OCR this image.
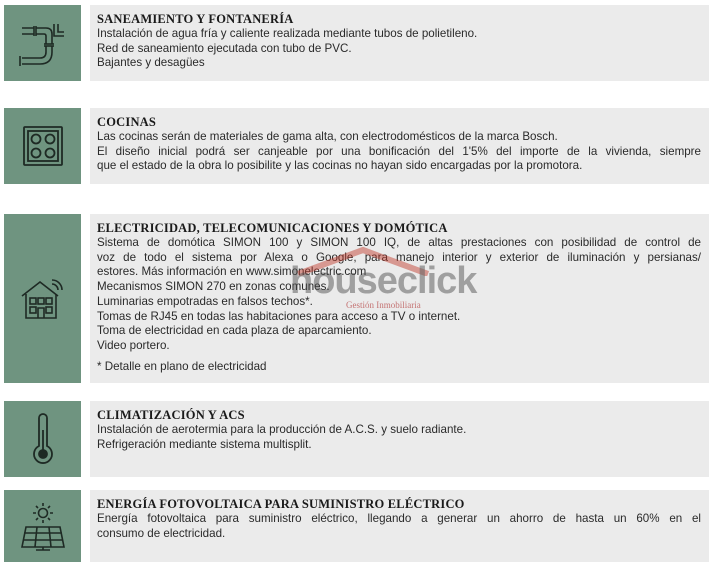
SANEAMIENTO Y FONTANERÍA
Instalación de agua fría y caliente realizada mediante tubos de polietileno.
Red de saneamiento ejecutada con tubo de PVC.
Bajantes y desagües
COCINAS
Las cocinas serán de materiales de gama alta, con electrodomésticos de la marca Bosch.
El diseño inicial podrá ser canjeable por una bonificación del 1'5% del importe de la vivienda, siempre
que el estado de la obra lo posibilite y las cocinas no hayan sido encargadas por la promotora.
ELECTRICIDAD, TELECOMUNICACIONES Y DOMÓTICA
Sistema de domótica SIMON 100 y SIMON 100 IQ, de altas prestaciones con posibilidad de control de
voz de todo el sistema por Alexa o Google, para manejo interior y exterior de iluminación y persianas/
estores. Más información en www.simonelectric.com
Mecanismos SIMON 270 en zonas comunes.
Luminarias empotradas en falsos techos*.
Tomas de RJ45 en todas las habitaciones para acceso a TV o internet.
Toma de electricidad en cada plaza de aparcamiento.
Video portero.
* Detalle en plano de electricidad
CLIMATIZACIÓN Y ACS
Instalación de aerotermia para la producción de A.C.S. y suelo radiante.
Refrigeración mediante sistema multisplit.
ENERGÍA FOTOVOLTAICA PARA SUMINISTRO ELÉCTRICO
Energía fotovoltaica para suministro eléctrico, llegando a generar un ahorro de hasta un 60% en el
consumo de electricidad.
houseclick
Gestión Inmobiliaria
